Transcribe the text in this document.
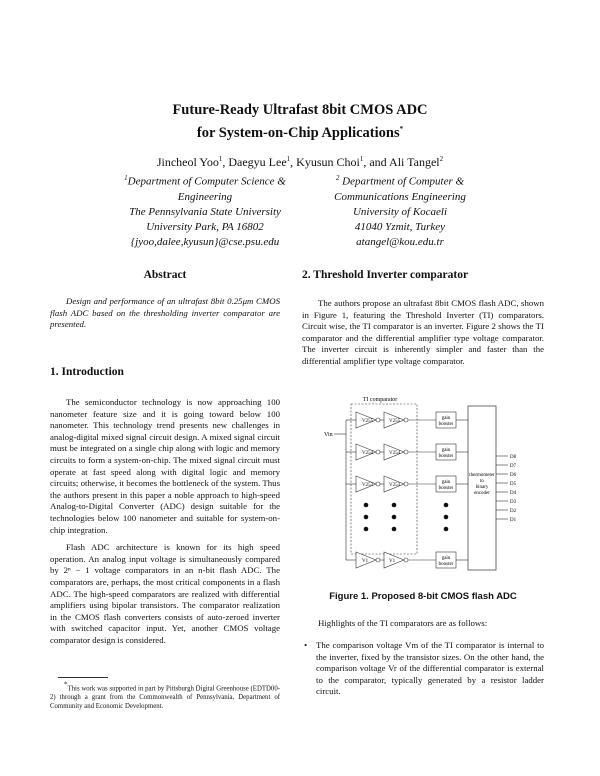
Future-Ready Ultrafast 8bit CMOS ADC
for System-on-Chip Applications*
Jincheol Yoo$^1$, Daegyu Lee$^1$, Kyusun Choi$^1$, and Ali Tangel$^2$
$^1$Department of Computer Science &
Engineering
The Pennsylvania State University
University Park, PA 16802
{jyoo,dalee,kyusun}@cse.psu.edu
$^2$ Department of Computer &
Communications Engineering
University of Kocaeli
41040 Yzmit, Turkey
atangel@kou.edu.tr
Abstract
Design and performance of an ultrafast 8bit 0.25μm CMOS flash ADC based on the thresholding inverter comparator are presented.
1. Introduction

The semiconductor technology is now approaching 100 nanometer feature size and it is going toward below 100 nanometer. This technology trend presents new challenges in analog-digital mixed signal circuit design. A mixed signal circuit must be integrated on a single chip along with logic and memory circuits to form a system-on-chip. The mixed signal circuit must operate at fast speed along with digital logic and memory circuits; otherwise, it becomes the bottleneck of the system. Thus the authors present in this paper a noble approach to high-speed Analog-to-Digital Converter (ADC) design suitable for the technologies below 100 nanometer and suitable for system-on-chip integration.

Flash ADC architecture is known for its high speed operation. An analog input voltage is simultaneously compared by 2ⁿ − 1 voltage comparators in an n-bit flash ADC. The comparators are, perhaps, the most critical components in a flash ADC. The high-speed comparators are realized with differential amplifiers using bipolar transistors. The comparator realization in the CMOS flash converters consists of auto-zeroed inverter with switched capacitor input. Yet, another CMOS voltage comparator design is considered.

*This work was supported in part by Pittsburgh Digital Greenhouse (EDTD00-2) through a grant from the Commonwealth of Pennsylvania, Department of Community and Economic Development.
2. Threshold Inverter comparator

The authors propose an ultrafast 8bit CMOS flash ADC, shown in Figure 1, featuring the Threshold Inverter (TI) comparators. Circuit wise, the TI comparator is an inverter. Figure 2 shows the TI comparator and the differential amplifier type voltage comparator. The inverter circuit is inherently simpler and faster than the differential amplifier type voltage comparator.

TI comparator
Vin
V255	V255
gain
booster
V254	V254
gain
booster
V253	V253
gain
booster
V1	V1
gain
booster
thermometer
to
binary
encoder
D8
D7
D6
D5
D4
D3
D2
D1
Figure 1. Proposed 8-bit CMOS flash ADC

Highlights of the TI comparators are as follows:

• The comparison voltage Vm of the TI comparator is internal to the inverter, fixed by the transistor sizes. On the other hand, the comparison voltage Vr of the differential comparator is external to the comparator, typically generated by a resistor ladder circuit.
